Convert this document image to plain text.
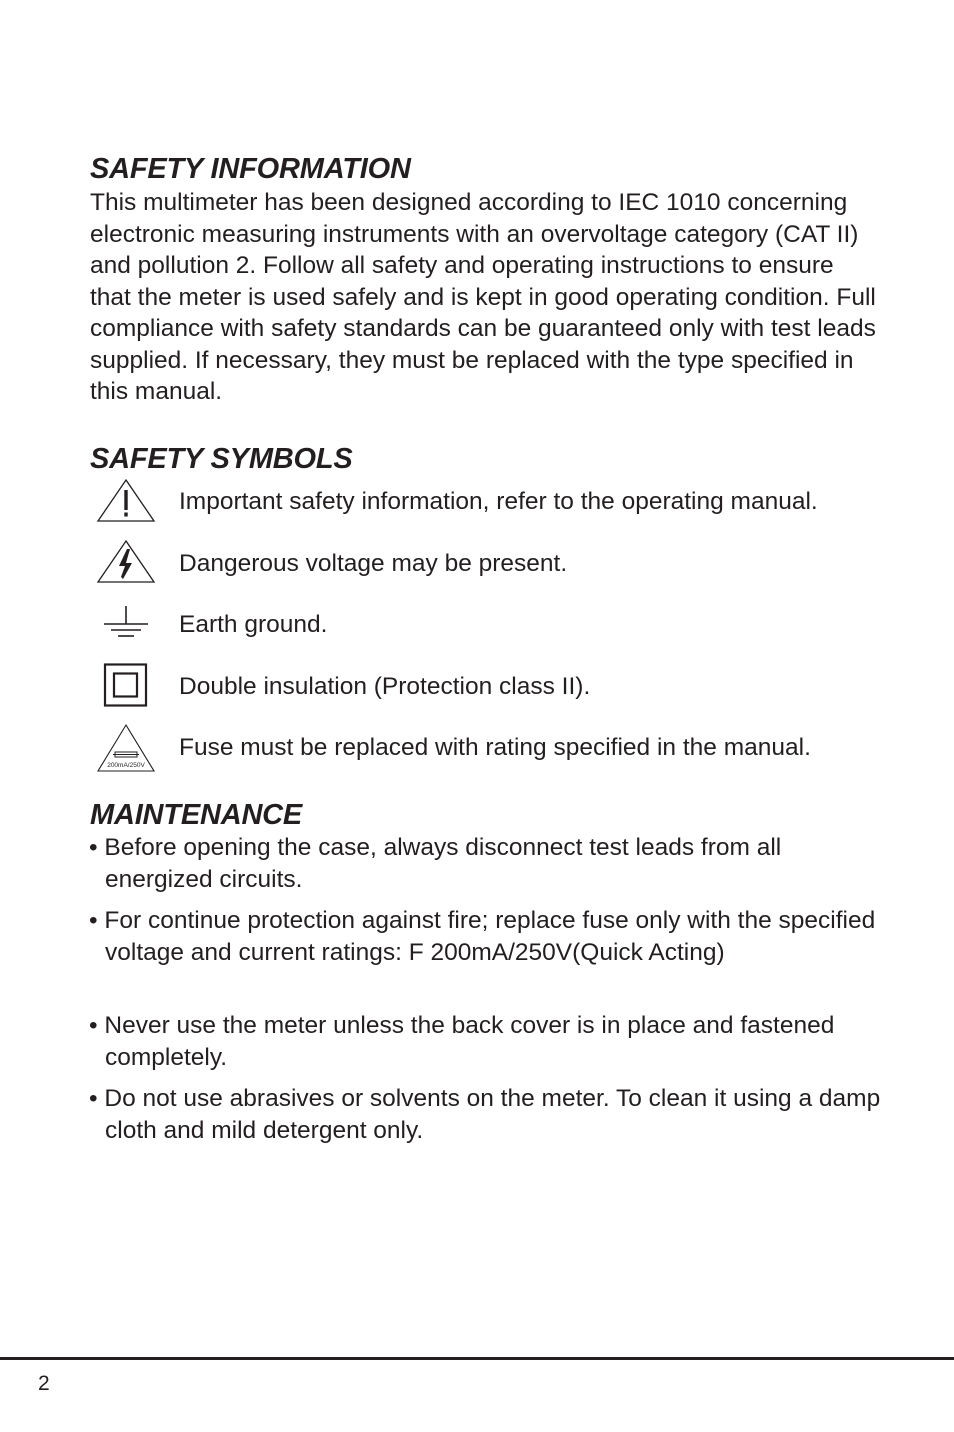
SAFETY INFORMATION

This multimeter has been designed according to IEC 1010 concerning electronic measuring instruments with an overvoltage category (CAT II) and pollution 2. Follow all safety and operating instructions to ensure that the meter is used safely and is kept in good operating condition. Full compliance with safety standards can be guaranteed only with test leads supplied. If necessary, they must be replaced with the type specified in this manual.

SAFETY SYMBOLS
Important safety information, refer to the operating manual.
Dangerous voltage may be present.
Earth ground.
Double insulation (Protection class II).
200mA/250V
Fuse must be replaced with rating specified in the manual.
MAINTENANCE

• Before opening the case, always disconnect test leads from all energized circuits.

• For continue protection against fire; replace fuse only with the specified voltage and current ratings: F 200mA/250V(Quick Acting)

• Never use the meter unless the back cover is in place and fastened completely.

• Do not use abrasives or solvents on the meter. To clean it using a damp cloth and mild detergent only.

2
